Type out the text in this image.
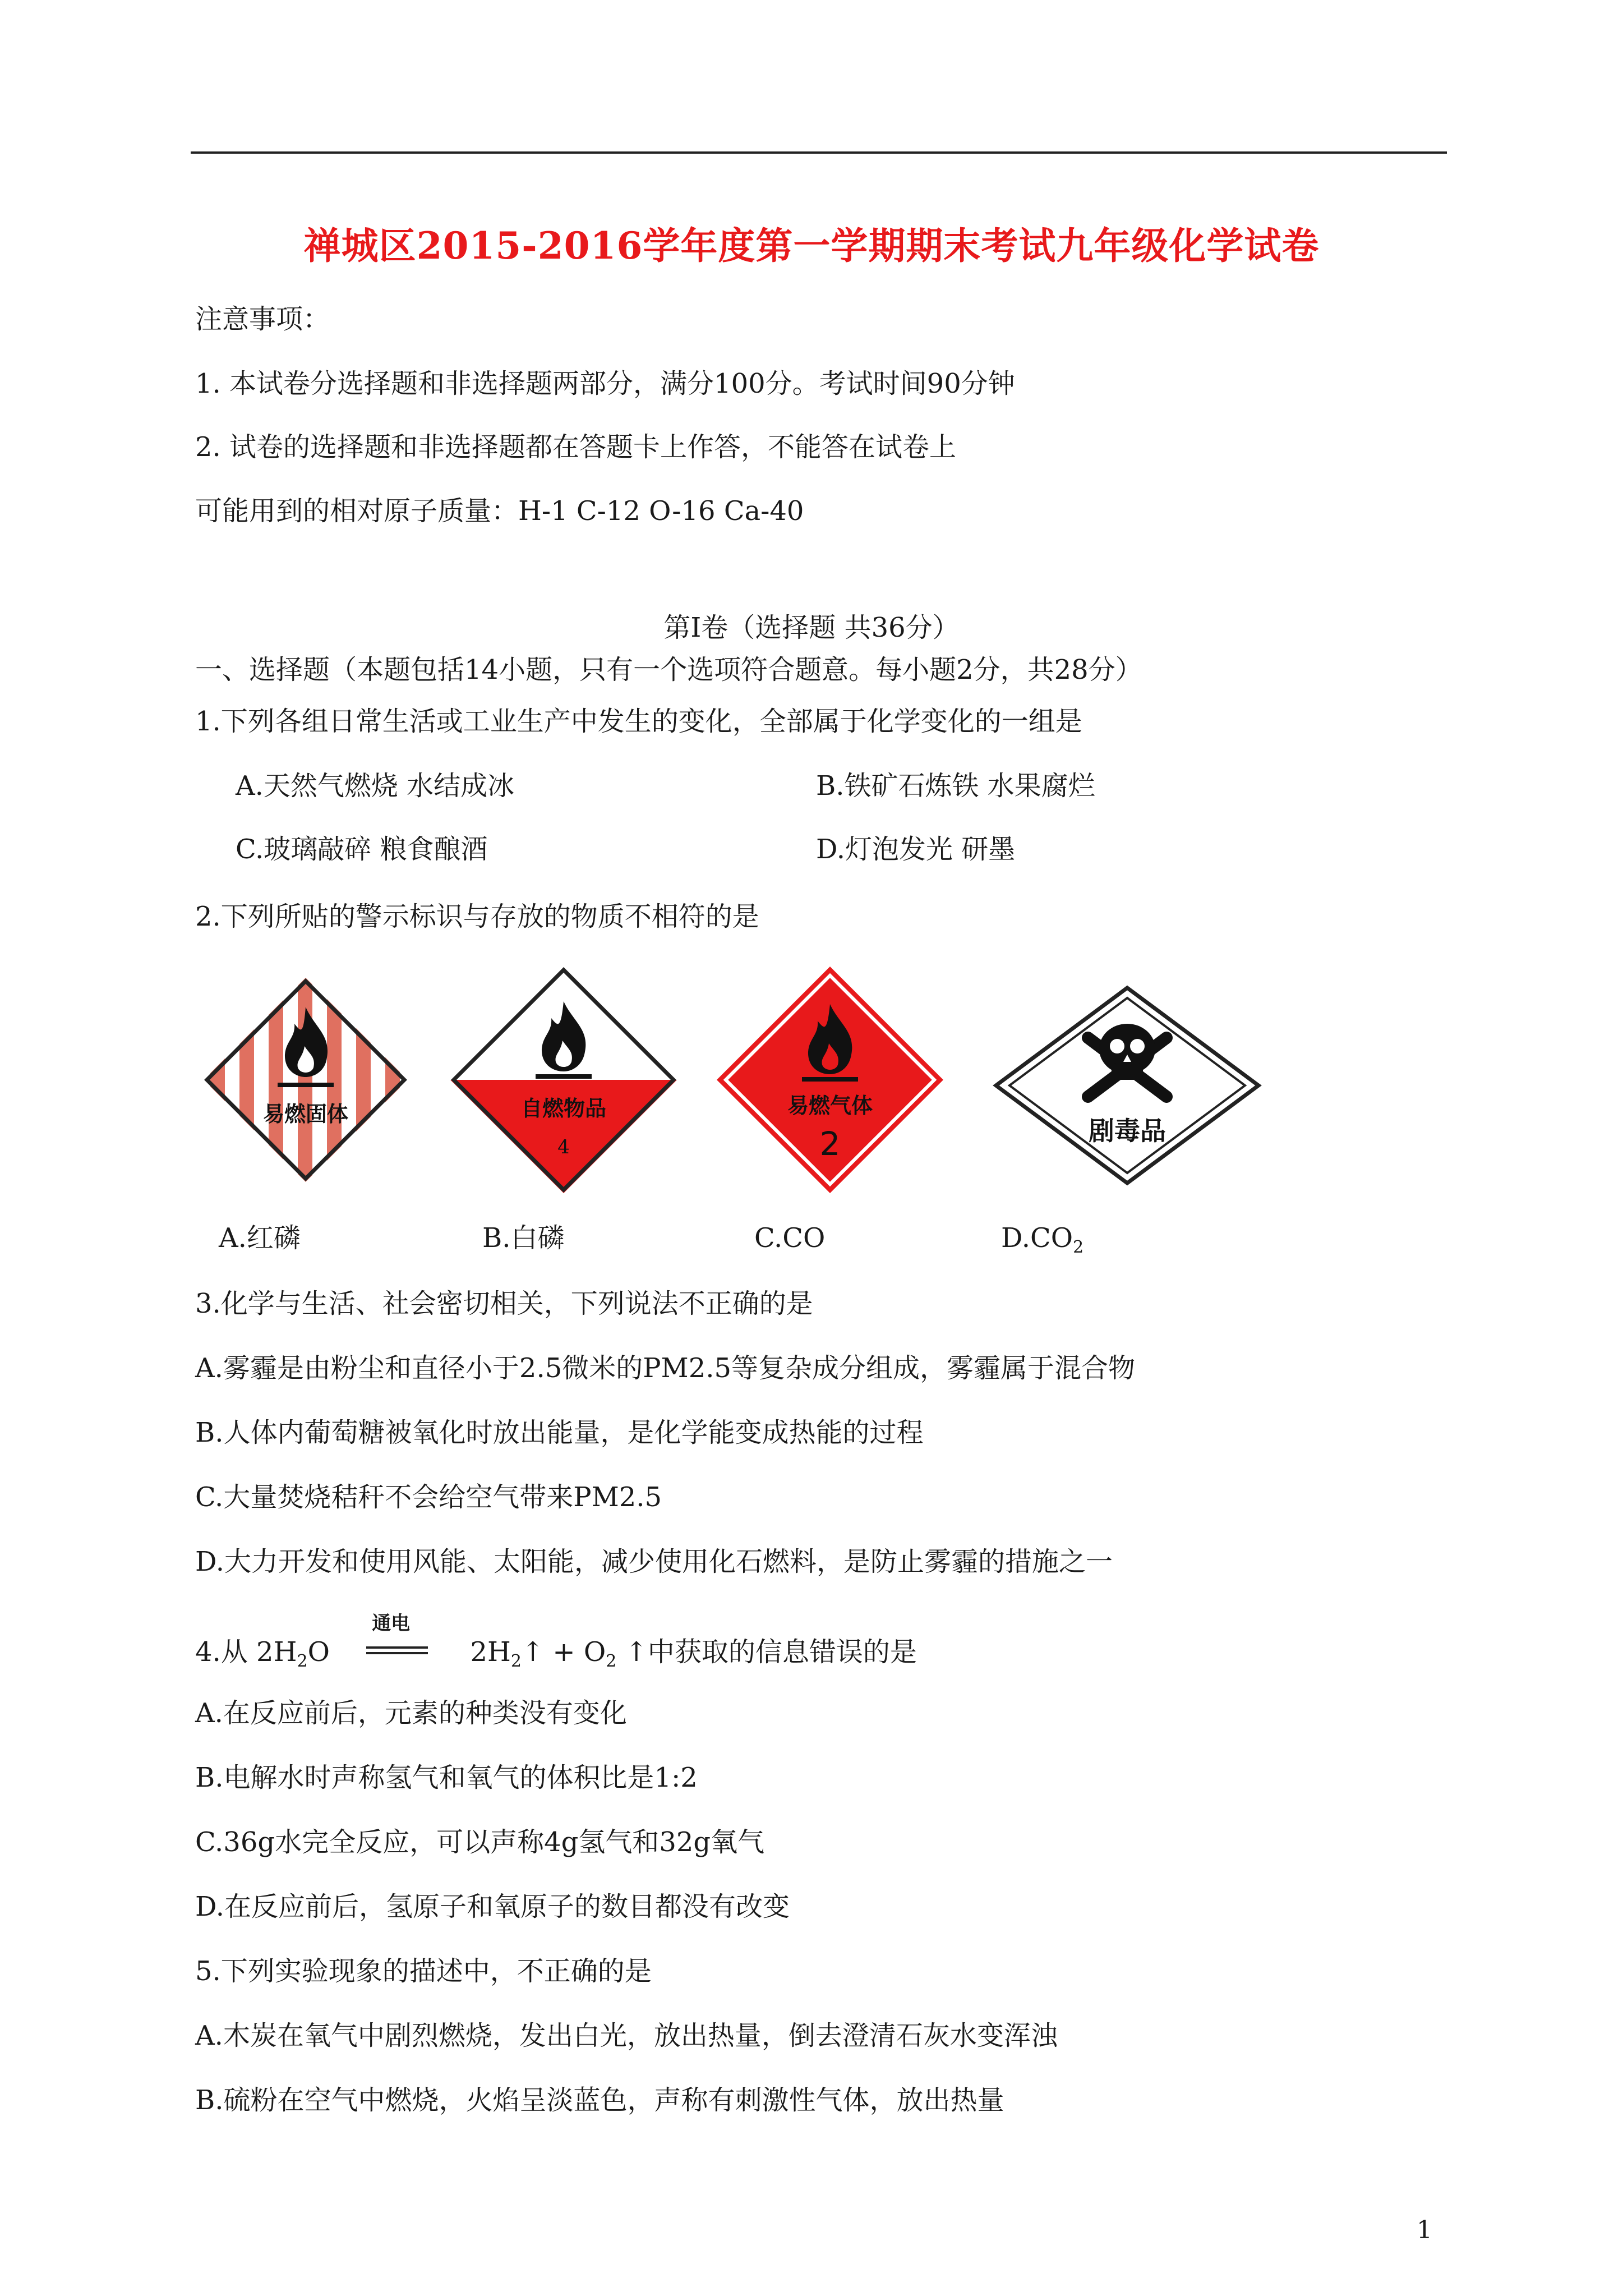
禅城区2015-2016学年度第一学期期末考试九年级化学试卷
注意事项：
1. 本试卷分选择题和非选择题两部分，满分100分。考试时间90分钟
2. 试卷的选择题和非选择题都在答题卡上作答，不能答在试卷上
可能用到的相对原子质量：H-1 C-12 O-16 Ca-40
第Ⅰ卷（选择题 共36分）
一、选择题（本题包括14小题，只有一个选项符合题意。每小题2分，共28分）
1.下列各组日常生活或工业生产中发生的变化，全部属于化学变化的一组是
A.天然气燃烧 水结成冰	B.铁矿石炼铁 水果腐烂
C.玻璃敲碎 粮食酿酒	D.灯泡发光 研墨
2.下列所贴的警示标识与存放的物质不相符的是
易燃固体	自燃物品
4
易燃气体
2	剧毒品
A.红磷	B.白磷	C.CO	$D.CO_2$
3.化学与生活、社会密切相关，下列说法不正确的是
A.雾霾是由粉尘和直径小于2.5微米的PM2.5等复杂成分组成，雾霾属于混合物
B.人体内葡萄糖被氧化时放出能量，是化学能变成热能的过程
C.大量焚烧秸秆不会给空气带来PM2.5
D.大力开发和使用风能、太阳能，减少使用化石燃料，是防止雾霾的措施之一
4.从 $2H_2O$
通电
$2H_2↑ + O_2$ ↑中获取的信息错误的是
A.在反应前后，元素的种类没有变化
B.电解水时声称氢气和氧气的体积比是1:2
C.36g水完全反应，可以声称4g氢气和32g氧气
D.在反应前后，氢原子和氧原子的数目都没有改变
5.下列实验现象的描述中，不正确的是
A.木炭在氧气中剧烈燃烧，发出白光，放出热量，倒去澄清石灰水变浑浊
B.硫粉在空气中燃烧，火焰呈淡蓝色，声称有刺激性气体，放出热量
1
